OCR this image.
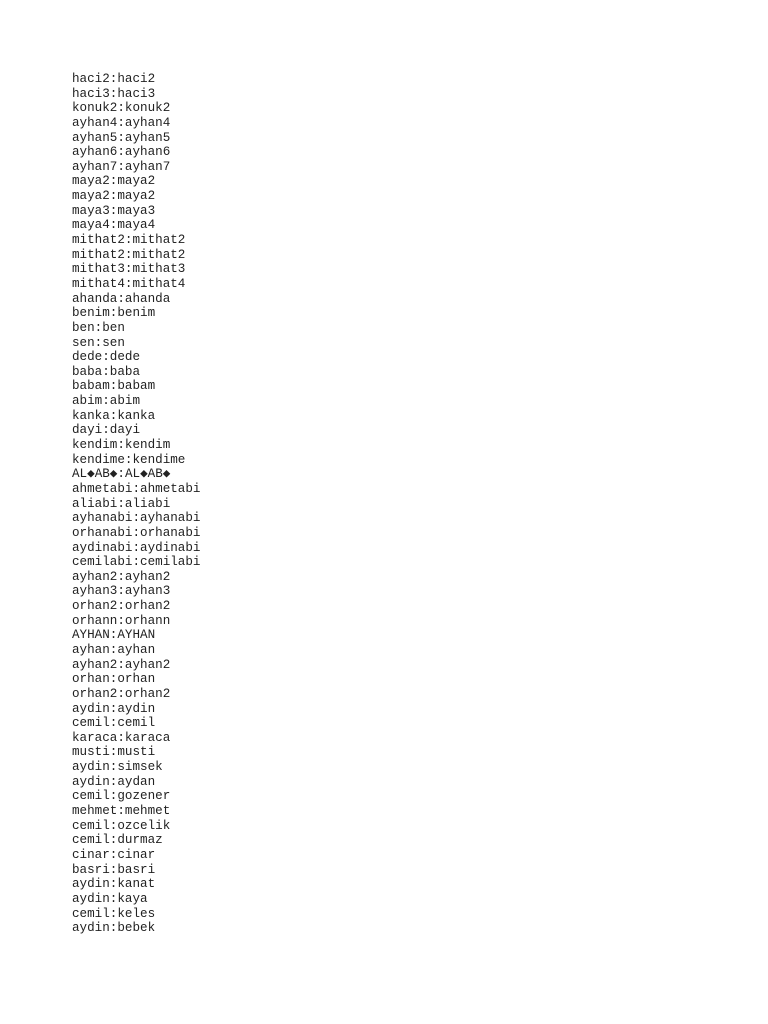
haci2:haci2
haci3:haci3
konuk2:konuk2
ayhan4:ayhan4
ayhan5:ayhan5
ayhan6:ayhan6
ayhan7:ayhan7
maya2:maya2
maya2:maya2
maya3:maya3
maya4:maya4
mithat2:mithat2
mithat2:mithat2
mithat3:mithat3
mithat4:mithat4
ahanda:ahanda
benim:benim
ben:ben
sen:sen
dede:dede
baba:baba
babam:babam
abim:abim
kanka:kanka
dayi:dayi
kendim:kendim
kendime:kendime
AL◆AB◆:AL◆AB◆
ahmetabi:ahmetabi
aliabi:aliabi
ayhanabi:ayhanabi
orhanabi:orhanabi
aydinabi:aydinabi
cemilabi:cemilabi
ayhan2:ayhan2
ayhan3:ayhan3
orhan2:orhan2
orhann:orhann
AYHAN:AYHAN
ayhan:ayhan
ayhan2:ayhan2
orhan:orhan
orhan2:orhan2
aydin:aydin
cemil:cemil
karaca:karaca
musti:musti
aydin:simsek
aydin:aydan
cemil:gozener
mehmet:mehmet
cemil:ozcelik
cemil:durmaz
cinar:cinar
basri:basri
aydin:kanat
aydin:kaya
cemil:keles
aydin:bebek
